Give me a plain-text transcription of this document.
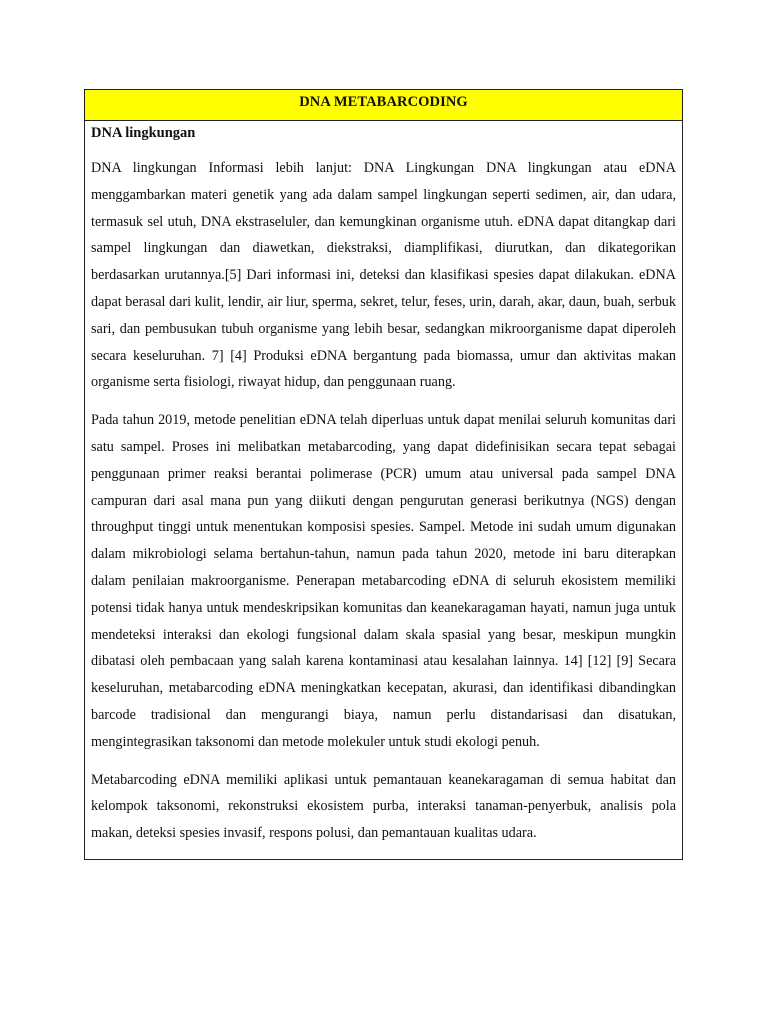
DNA METABARCODING
DNA lingkungan

DNA lingkungan Informasi lebih lanjut: DNA Lingkungan DNA lingkungan atau eDNA menggambarkan materi genetik yang ada dalam sampel lingkungan seperti sedimen, air, dan udara, termasuk sel utuh, DNA ekstraseluler, dan kemungkinan organisme utuh. eDNA dapat ditangkap dari sampel lingkungan dan diawetkan, diekstraksi, diamplifikasi, diurutkan, dan dikategorikan berdasarkan urutannya.[5] Dari informasi ini, deteksi dan klasifikasi spesies dapat dilakukan. eDNA dapat berasal dari kulit, lendir, air liur, sperma, sekret, telur, feses, urin, darah, akar, daun, buah, serbuk sari, dan pembusukan tubuh organisme yang lebih besar, sedangkan mikroorganisme dapat diperoleh secara keseluruhan. 7] [4] Produksi eDNA bergantung pada biomassa, umur dan aktivitas makan organisme serta fisiologi, riwayat hidup, dan penggunaan ruang.

Pada tahun 2019, metode penelitian eDNA telah diperluas untuk dapat menilai seluruh komunitas dari satu sampel. Proses ini melibatkan metabarcoding, yang dapat didefinisikan secara tepat sebagai penggunaan primer reaksi berantai polimerase (PCR) umum atau universal pada sampel DNA campuran dari asal mana pun yang diikuti dengan pengurutan generasi berikutnya (NGS) dengan throughput tinggi untuk menentukan komposisi spesies. Sampel. Metode ini sudah umum digunakan dalam mikrobiologi selama bertahun-tahun, namun pada tahun 2020, metode ini baru diterapkan dalam penilaian makroorganisme. Penerapan metabarcoding eDNA di seluruh ekosistem memiliki potensi tidak hanya untuk mendeskripsikan komunitas dan keanekaragaman hayati, namun juga untuk mendeteksi interaksi dan ekologi fungsional dalam skala spasial yang besar, meskipun mungkin dibatasi oleh pembacaan yang salah karena kontaminasi atau kesalahan lainnya. 14] [12] [9] Secara keseluruhan, metabarcoding eDNA meningkatkan kecepatan, akurasi, dan identifikasi dibandingkan barcode tradisional dan mengurangi biaya, namun perlu distandarisasi dan disatukan, mengintegrasikan taksonomi dan metode molekuler untuk studi ekologi penuh.

Metabarcoding eDNA memiliki aplikasi untuk pemantauan keanekaragaman di semua habitat dan kelompok taksonomi, rekonstruksi ekosistem purba, interaksi tanaman-penyerbuk, analisis pola makan, deteksi spesies invasif, respons polusi, dan pemantauan kualitas udara.
